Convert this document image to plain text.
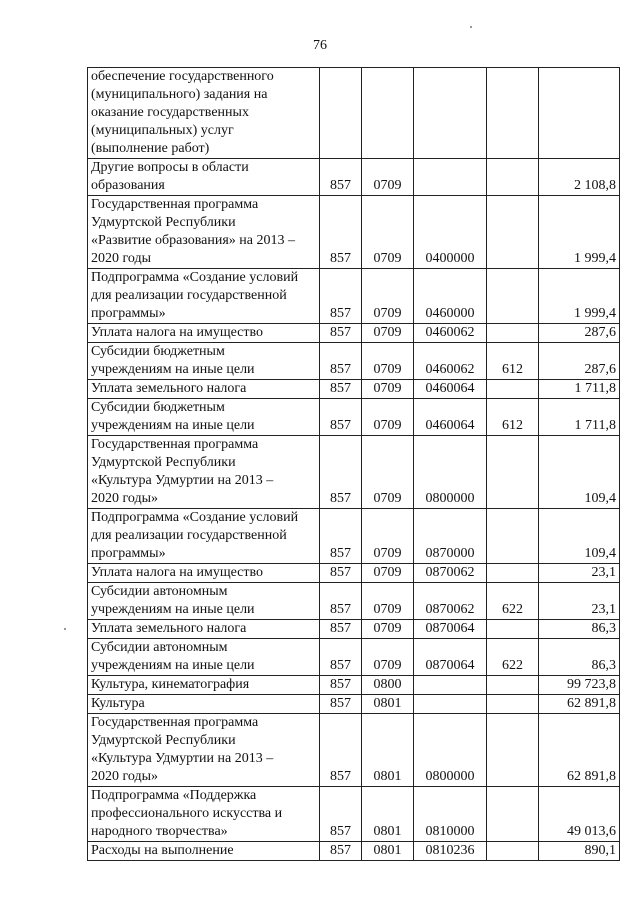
76
обеспечение государственного
(муниципального) задания на
оказание государственных
(муниципальных) услуг
(выполнение работ)					
Другие вопросы в области
образования	857	0709			2 108,8
Государственная программа
Удмуртской Республики
«Развитие образования» на 2013 –
2020 годы	857	0709	0400000		1 999,4
Подпрограмма «Создание условий
для реализации государственной
программы»	857	0709	0460000		1 999,4
Уплата налога на имущество	857	0709	0460062		287,6
Субсидии бюджетным
учреждениям на иные цели	857	0709	0460062	612	287,6
Уплата земельного налога	857	0709	0460064		1 711,8
Субсидии бюджетным
учреждениям на иные цели	857	0709	0460064	612	1 711,8
Государственная программа
Удмуртской Республики
«Культура Удмуртии на 2013 –
2020 годы»	857	0709	0800000		109,4
Подпрограмма «Создание условий
для реализации государственной
программы»	857	0709	0870000		109,4
Уплата налога на имущество	857	0709	0870062		23,1
Субсидии автономным
учреждениям на иные цели	857	0709	0870062	622	23,1
Уплата земельного налога	857	0709	0870064		86,3
Субсидии автономным
учреждениям на иные цели	857	0709	0870064	622	86,3
Культура, кинематография	857	0800			99 723,8
Культура	857	0801			62 891,8
Государственная программа
Удмуртской Республики
«Культура Удмуртии на 2013 –
2020 годы»	857	0801	0800000		62 891,8
Подпрограмма «Поддержка
профессионального искусства и
народного творчества»	857	0801	0810000		49 013,6
Расходы на выполнение	857	0801	0810236		890,1
